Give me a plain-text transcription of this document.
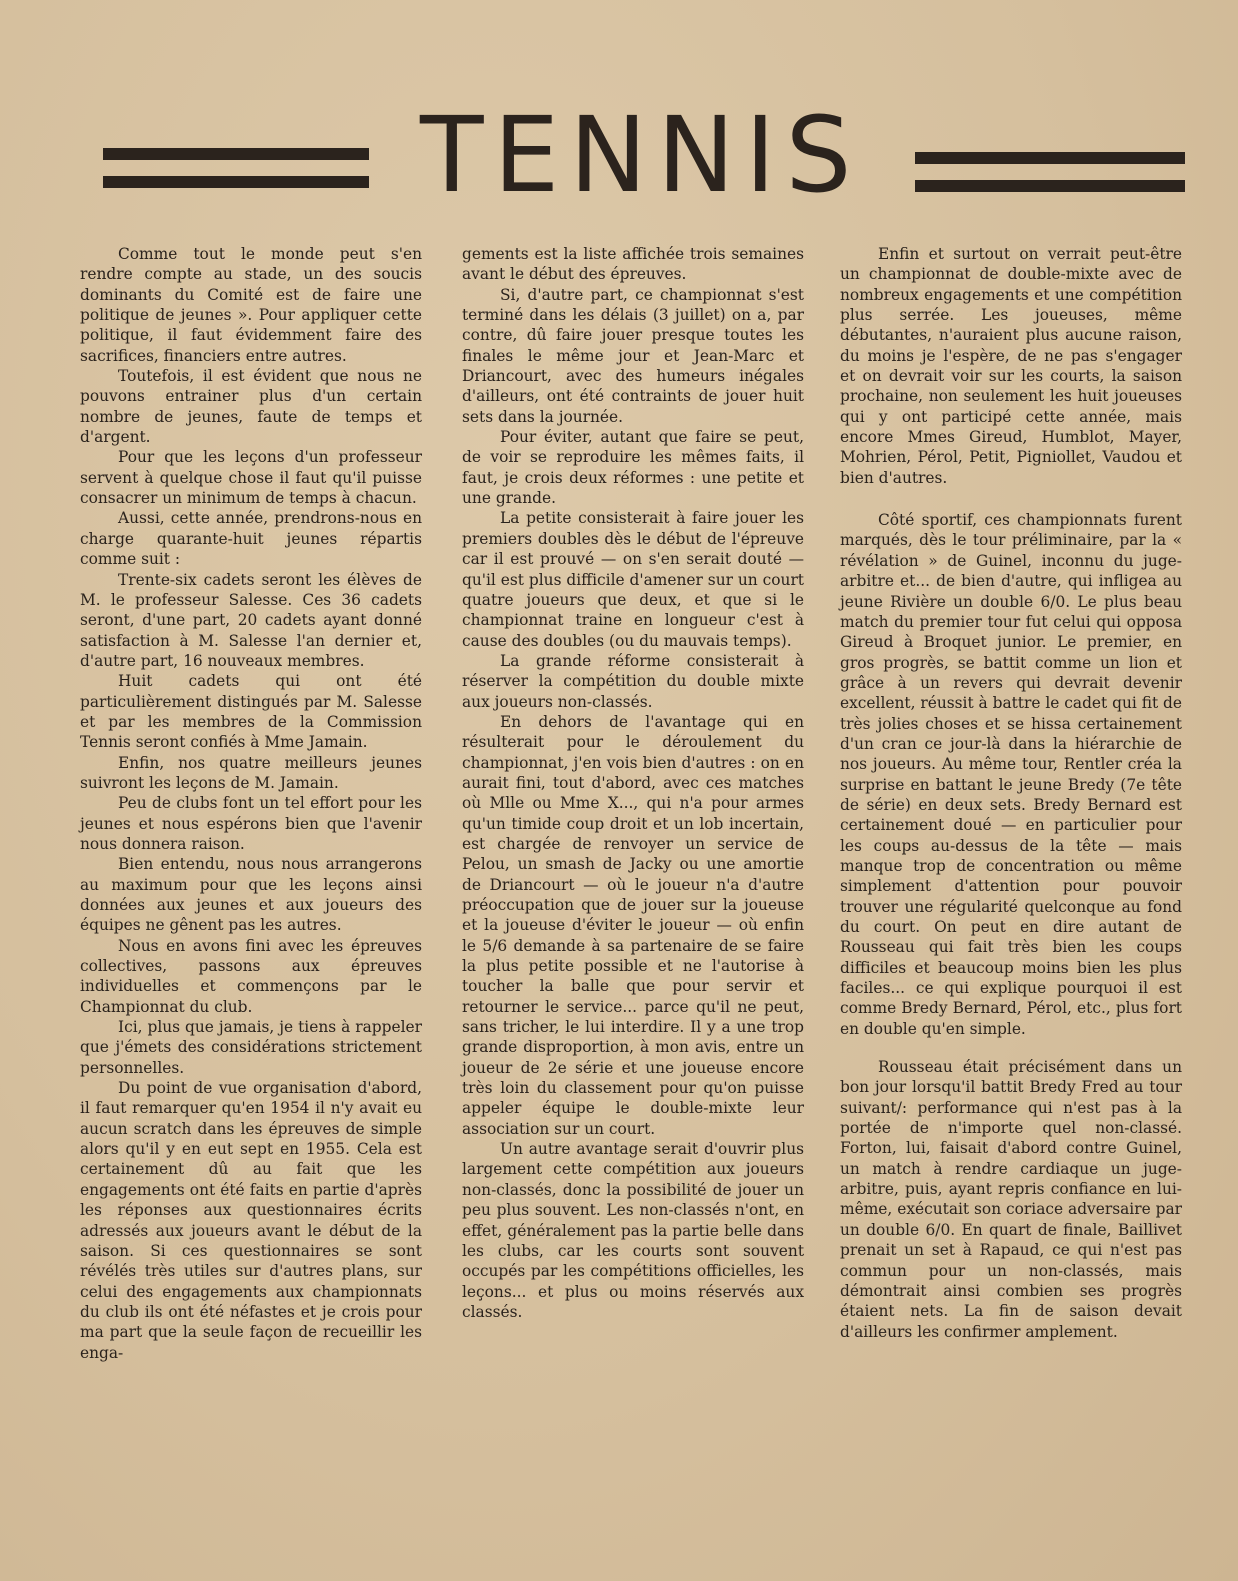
TENNIS

Comme tout le monde peut s'en rendre compte au stade, un des soucis dominants du Comité est de faire une politique de jeunes ». Pour appliquer cette politique, il faut évidemment faire des sacrifices, financiers entre autres.

Toutefois, il est évident que nous ne pouvons entrainer plus d'un certain nombre de jeunes, faute de temps et d'argent.

Pour que les leçons d'un professeur servent à quelque chose il faut qu'il puisse consacrer un minimum de temps à chacun.

Aussi, cette année, prendrons-nous en charge quarante-huit jeunes répartis comme suit :

Trente-six cadets seront les élèves de M. le professeur Salesse. Ces 36 cadets seront, d'une part, 20 cadets ayant donné satisfaction à M. Salesse l'an dernier et, d'autre part, 16 nouveaux membres.

Huit cadets qui ont été particulièrement distingués par M. Salesse et par les membres de la Commission Tennis seront confiés à Mme Jamain.

Enfin, nos quatre meilleurs jeunes suivront les leçons de M. Jamain.

Peu de clubs font un tel effort pour les jeunes et nous espérons bien que l'avenir nous donnera raison.

Bien entendu, nous nous arrangerons au maximum pour que les leçons ainsi données aux jeunes et aux joueurs des équipes ne gênent pas les autres.

Nous en avons fini avec les épreuves collectives, passons aux épreuves individuelles et commençons par le Championnat du club.

Ici, plus que jamais, je tiens à rappeler que j'émets des considérations strictement personnelles.

Du point de vue organisation d'abord, il faut remarquer qu'en 1954 il n'y avait eu aucun scratch dans les épreuves de simple alors qu'il y en eut sept en 1955. Cela est certainement dû au fait que les engagements ont été faits en partie d'après les réponses aux questionnaires écrits adressés aux joueurs avant le début de la saison. Si ces questionnaires se sont révélés très utiles sur d'autres plans, sur celui des engagements aux championnats du club ils ont été néfastes et je crois pour ma part que la seule façon de recueillir les enga-

gements est la liste affichée trois semaines avant le début des épreuves.

Si, d'autre part, ce championnat s'est terminé dans les délais (3 juillet) on a, par contre, dû faire jouer presque toutes les finales le même jour et Jean-Marc et Driancourt, avec des humeurs inégales d'ailleurs, ont été contraints de jouer huit sets dans la journée.

Pour éviter, autant que faire se peut, de voir se reproduire les mêmes faits, il faut, je crois deux réformes : une petite et une grande.

La petite consisterait à faire jouer les premiers doubles dès le début de l'épreuve car il est prouvé — on s'en serait douté — qu'il est plus difficile d'amener sur un court quatre joueurs que deux, et que si le championnat traine en longueur c'est à cause des doubles (ou du mauvais temps).

La grande réforme consisterait à réserver la compétition du double mixte aux joueurs non-classés.

En dehors de l'avantage qui en résulterait pour le déroulement du championnat, j'en vois bien d'autres : on en aurait fini, tout d'abord, avec ces matches où Mlle ou Mme X..., qui n'a pour armes qu'un timide coup droit et un lob incertain, est chargée de renvoyer un service de Pelou, un smash de Jacky ou une amortie de Driancourt — où le joueur n'a d'autre préoccupation que de jouer sur la joueuse et la joueuse d'éviter le joueur — où enfin le 5/6 demande à sa partenaire de se faire la plus petite possible et ne l'autorise à toucher la balle que pour servir et retourner le service... parce qu'il ne peut, sans tricher, le lui interdire. Il y a une trop grande disproportion, à mon avis, entre un joueur de 2e série et une joueuse encore très loin du classement pour qu'on puisse appeler équipe le double-mixte leur association sur un court.

Un autre avantage serait d'ouvrir plus largement cette compétition aux joueurs non-classés, donc la possibilité de jouer un peu plus souvent. Les non-classés n'ont, en effet, généralement pas la partie belle dans les clubs, car les courts sont souvent occupés par les compétitions officielles, les leçons... et plus ou moins réservés aux classés.

Enfin et surtout on verrait peut-être un championnat de double-mixte avec de nombreux engagements et une compétition plus serrée. Les joueuses, même débutantes, n'auraient plus aucune raison, du moins je l'espère, de ne pas s'engager et on devrait voir sur les courts, la saison prochaine, non seulement les huit joueuses qui y ont participé cette année, mais encore Mmes Gireud, Humblot, Mayer, Mohrien, Pérol, Petit, Pigniollet, Vaudou et bien d'autres.

Côté sportif, ces championnats furent marqués, dès le tour préliminaire, par la « révélation » de Guinel, inconnu du juge-arbitre et... de bien d'autre, qui infligea au jeune Rivière un double 6/0. Le plus beau match du premier tour fut celui qui opposa Gireud à Broquet junior. Le premier, en gros progrès, se battit comme un lion et grâce à un revers qui devrait devenir excellent, réussit à battre le cadet qui fit de très jolies choses et se hissa certainement d'un cran ce jour-là dans la hiérarchie de nos joueurs. Au même tour, Rentler créa la surprise en battant le jeune Bredy (7e tête de série) en deux sets. Bredy Bernard est certainement doué — en particulier pour les coups au-dessus de la tête — mais manque trop de concentration ou même simplement d'attention pour pouvoir trouver une régularité quelconque au fond du court. On peut en dire autant de Rousseau qui fait très bien les coups difficiles et beaucoup moins bien les plus faciles... ce qui explique pourquoi il est comme Bredy Bernard, Pérol, etc., plus fort en double qu'en simple.

Rousseau était précisément dans un bon jour lorsqu'il battit Bredy Fred au tour suivant/: performance qui n'est pas à la portée de n'importe quel non-classé. Forton, lui, faisait d'abord contre Guinel, un match à rendre cardiaque un juge-arbitre, puis, ayant repris confiance en lui-même, exécutait son coriace adversaire par un double 6/0. En quart de finale, Baillivet prenait un set à Rapaud, ce qui n'est pas commun pour un non-classés, mais démontrait ainsi combien ses progrès étaient nets. La fin de saison devait d'ailleurs les confirmer amplement.
